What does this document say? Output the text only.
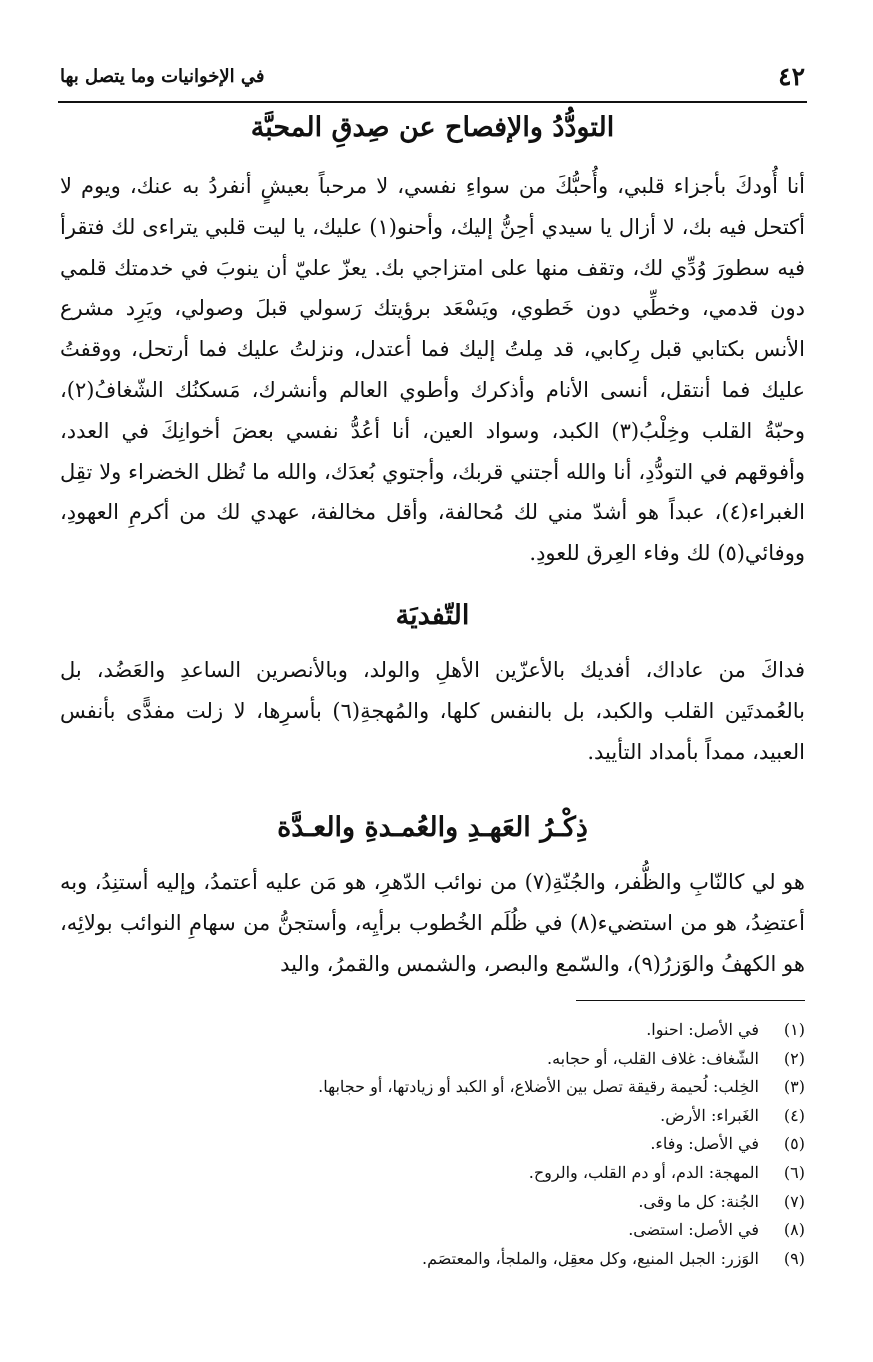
٤٢
في الإخوانيات وما يتصل بها
التودُّدُ والإفصاح عن صِدقِ المحبَّة

أنا أُودكَ بأجزاء قلبي، وأُحبُّكَ من سواءِ نفسي، لا مرحباً بعيشٍ أنفردُ به عنك، ويوم لا أكتحل فيه بك، لا أزال يا سيدي أحِنُّ إليك، وأحنو(١) عليك، يا ليت قلبي يتراءى لك فتقرأ فيه سطورَ وُدِّي لك، وتقف منها على امتزاجي بك. يعزّ عليّ أن ينوبَ في خدمتك قلمي دون قدمي، وخطِّي دون خَطوي، ويَسْعَد برؤيتك رَسولي قبلَ وصولي، ويَرِد مشرع الأنس بكتابي قبل رِكابي، قد مِلتُ إليك فما أعتدل، ونزلتُ عليك فما أرتحل، ووقفتُ عليك فما أنتقل، أنسى الأنام وأذكرك وأطوي العالم وأنشرك، مَسكنُك الشّغافُ(٢)، وحبّةُ القلب وخِلْبُ(٣) الكبد، وسواد العين، أنا أعُدُّ نفسي بعضَ أخوانِكَ في العدد، وأفوقهم في التودُّدِ، أنا والله أجتني قربك، وأجتوي بُعدَك، والله ما تُظل الخضراء ولا تقِل الغبراء(٤)، عبداً هو أشدّ مني لك مُحالفة، وأقل مخالفة، عهدي لك من أكرمِ العهودِ، ووفائي(٥) لك وفاء العِرق للعودِ.

التّفديَة

فداكَ من عاداك، أفديك بالأعزّين الأهلِ والولد، وبالأنصرين الساعدِ والعَضُد، بل بالعُمدتَين القلب والكبد، بل بالنفس كلها، والمُهجةِ(٦) بأسرِها، لا زلت مفدًّى بأنفس العبيد، ممداً بأمداد التأييد.

ذِكْـرُ العَهـدِ والعُمـدةِ والعـدَّة

هو لي كالنّابِ والظُّفر، والجُنّةِ(٧) من نوائب الدّهرِ، هو مَن عليه أعتمدُ، وإليه أستنِدُ، وبه أعتضِدُ، هو من استضيء(٨) في ظُلَم الخُطوب برأيِه، وأستجنُّ من سهامِ النوائب بولائِه، هو الكهفُ والوَزرُ(٩)، والسّمع والبصر، والشمس والقمرُ، واليد

(١)
في الأصل: احنوا.
(٢)
الشّغاف: غلاف القلب، أو حجابه.
(٣)
الخِلب: لُحيمة رقيقة تصل بين الأضلاع، أو الكبد أو زيادتها، أو حجابها.
(٤)
الغَبراء: الأرض.
(٥)
في الأصل: وفاء.
(٦)
المهجة: الدم، أو دم القلب، والروح.
(٧)
الجُنة: كل ما وقى.
(٨)
في الأصل: استضى.
(٩)
الوَزر: الجبل المنيع، وكل معقِل، والملجأ، والمعتصَم.
